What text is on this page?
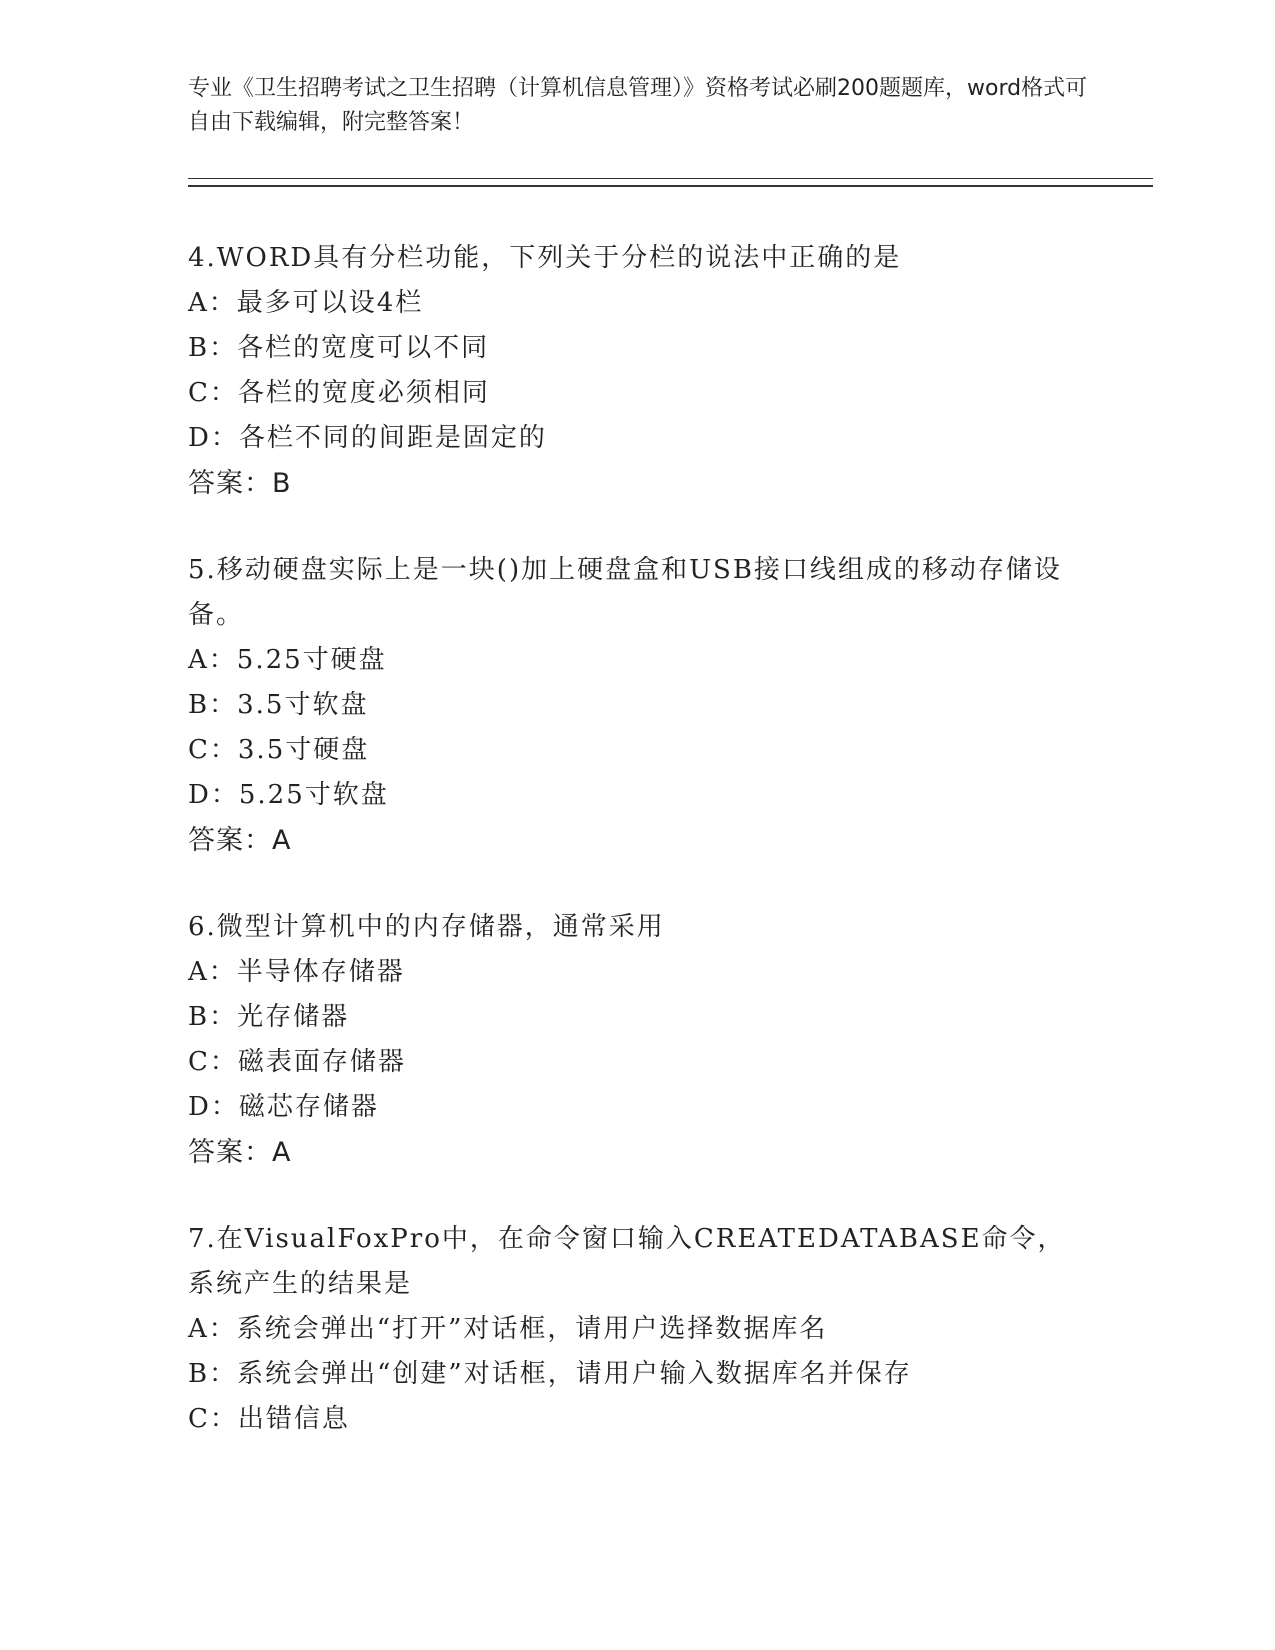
专业《卫生招聘考试之卫生招聘（计算机信息管理）》资格考试必刷200题题库，word格式可自由下载编辑，附完整答案！
4.WORD具有分栏功能，下列关于分栏的说法中正确的是
A：最多可以设4栏
B：各栏的宽度可以不同
C：各栏的宽度必须相同
D：各栏不同的间距是固定的
答案：B
5.移动硬盘实际上是一块()加上硬盘盒和USB接口线组成的移动存储设备。
A：5.25寸硬盘
B：3.5寸软盘
C：3.5寸硬盘
D：5.25寸软盘
答案：A
6.微型计算机中的内存储器，通常采用
A：半导体存储器
B：光存储器
C：磁表面存储器
D：磁芯存储器
答案：A
7.在VisualFoxPro中，在命令窗口输入CREATEDATABASE命令，系统产生的结果是
A：系统会弹出“打开”对话框，请用户选择数据库名
B：系统会弹出“创建”对话框，请用户输入数据库名并保存
C：出错信息
